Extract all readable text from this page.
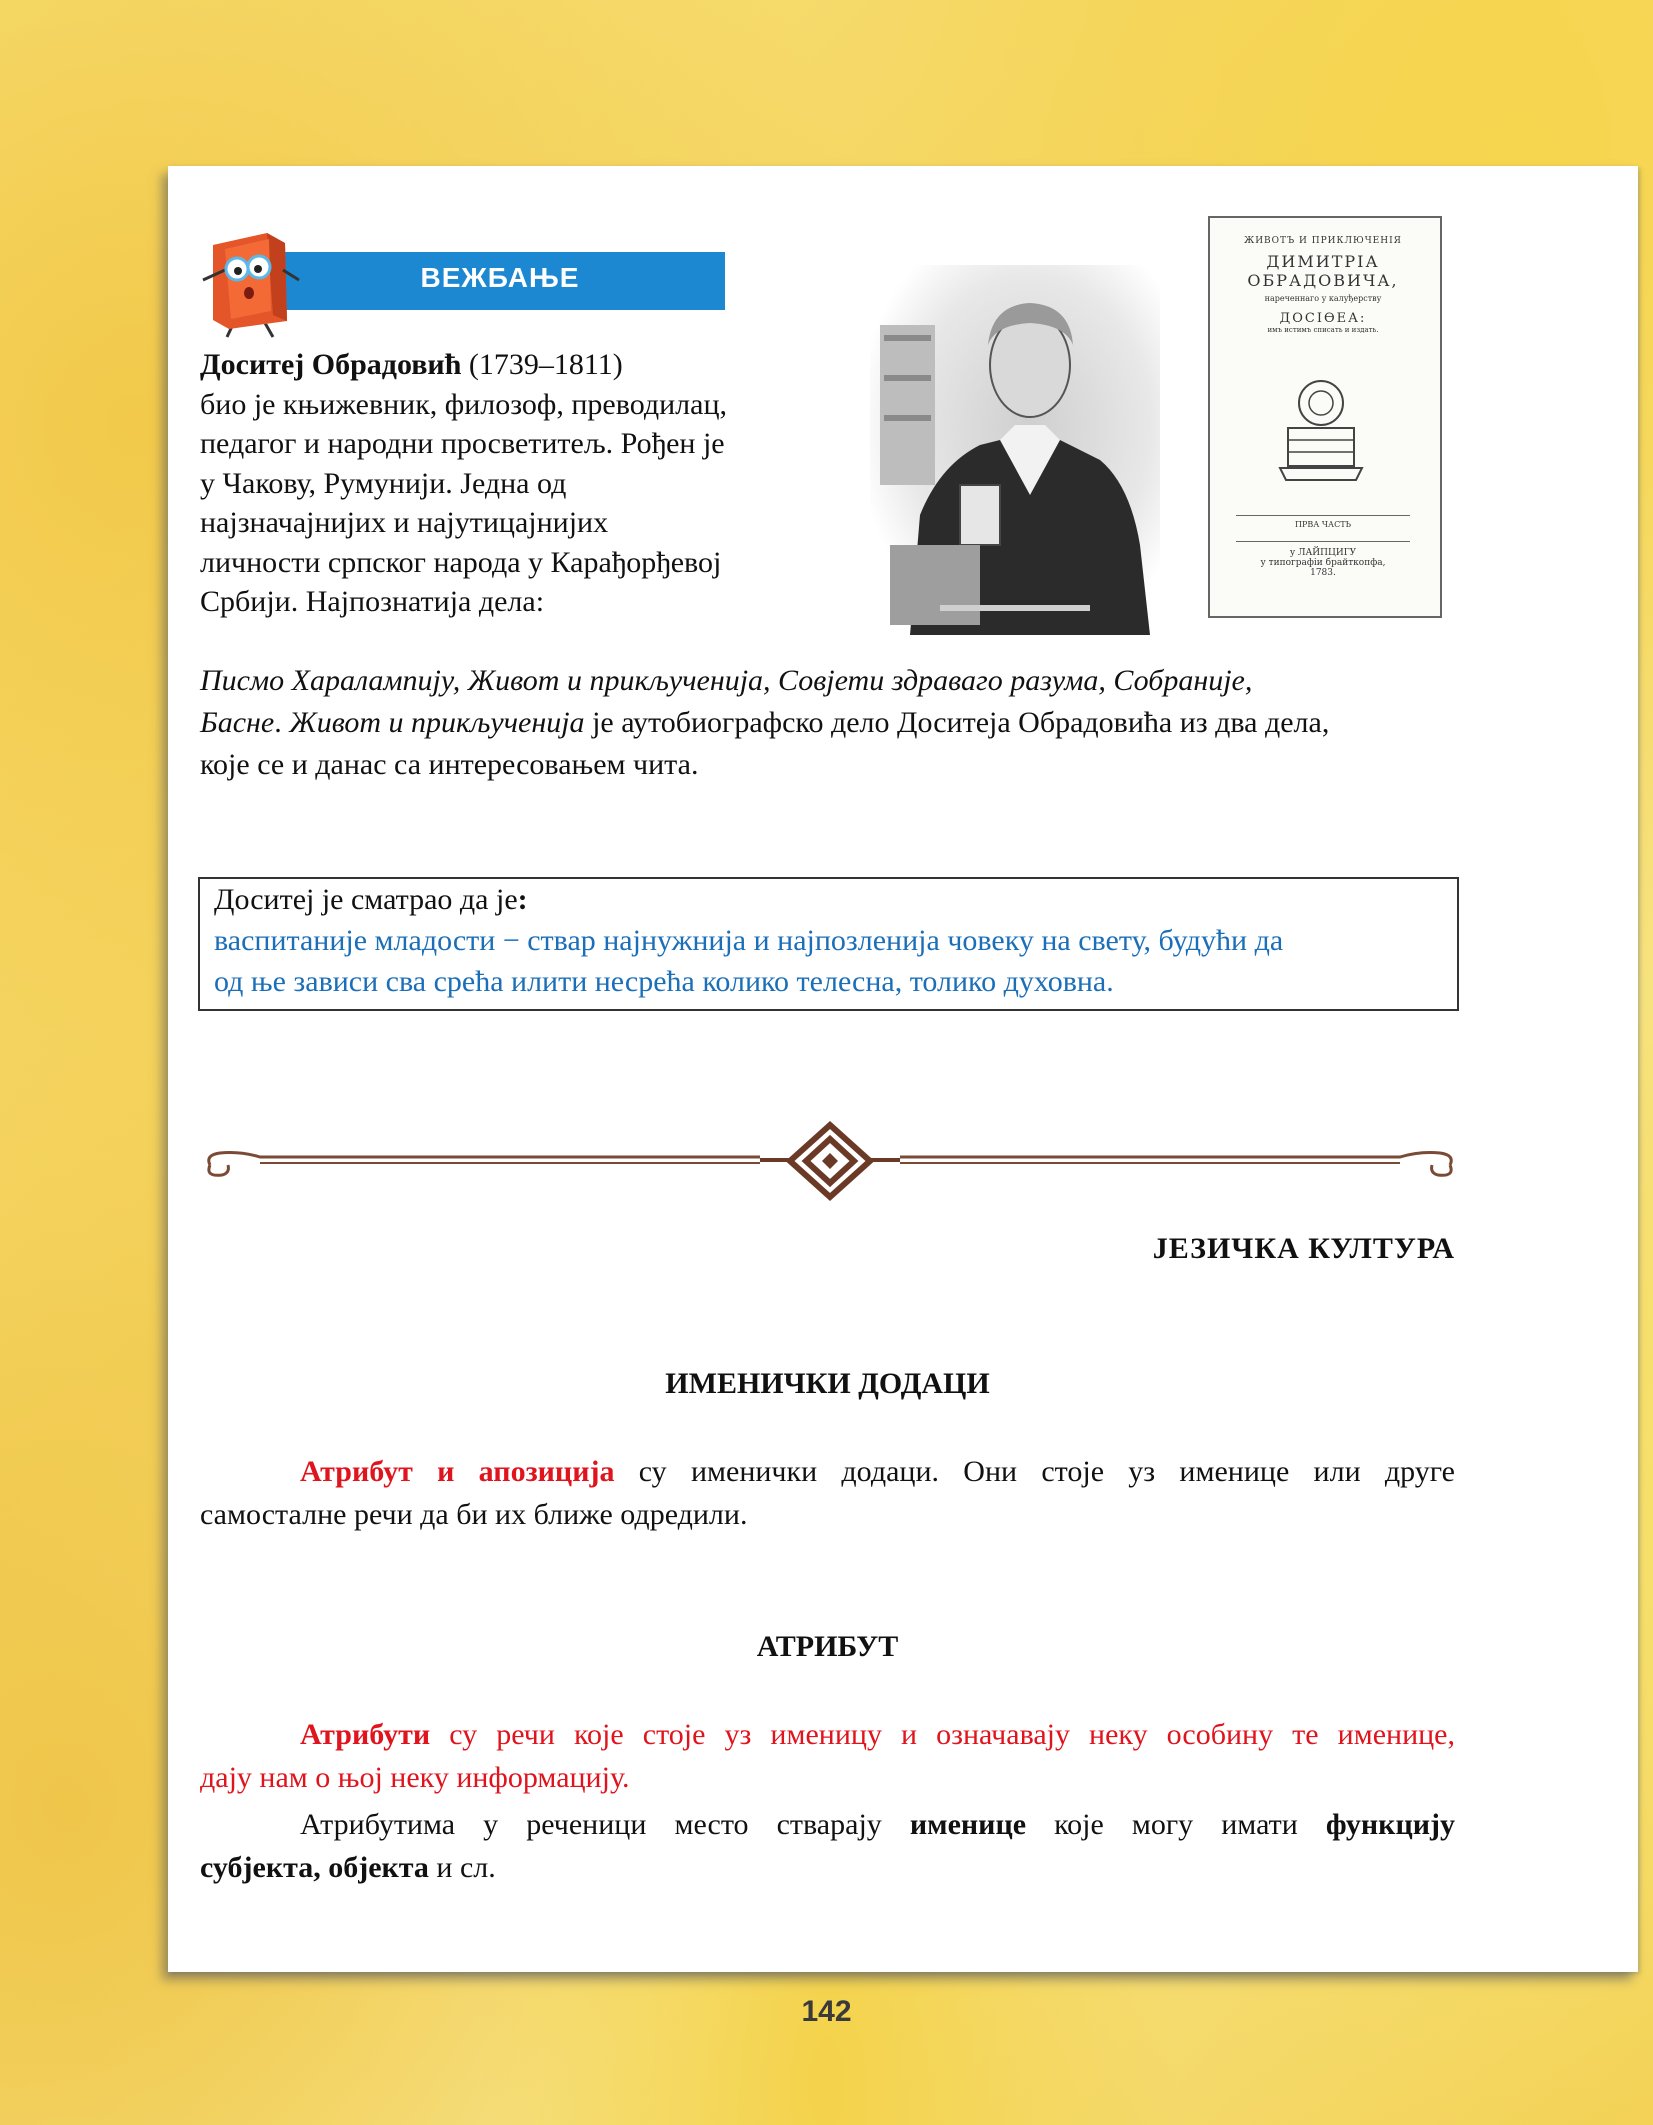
ВЕЖБАЊЕ
Доситеј Обрадовић (1739–1811)
био је књижевник, филозоф, преводилац,
педагог и народни просветитељ. Рођен је
у Чакову, Румунији. Једна од
најзначајнијих и најутицајнијих
личности српског народа у Карађорђевој
Србији. Најпознатија дела:
Писмо Харалампију, Живот и прикључениja, Совјети здраваго разума, Собраније,
Басне. Живот и прикљученија је аутобиографско дело Доситеја Обрадовића из два дела,
које се и данас са интересовањем чита.
ЖИВОТЪ И ПРИКЛЮЧЕНІЯ
ДИМИТРІА
ОБРАДОВИЧА,
нареченнаго у калуђерству
ДОСІѲЕА:
имъ истимъ списать и издать.
ПРВА ЧАСТЬ
у ЛАЙПЦИГУ
у типографіи брайткопфа,
1783.
Доситеј је сматрао да је:
васпитаније младости − ствар најнужнија и најпозленија човеку на свету, будући да
од ње зависи сва срећа илити несрећа колико телесна, толико духовна.
ЈЕЗИЧКА КУЛТУРА
ИМЕНИЧКИ ДОДАЦИ
Атрибут и апозиција су именички додаци. Они стоје уз именице или друге
самосталне речи да би их ближе одредили.
АТРИБУТ
Атрибути су речи које стоје уз именицу и означавају неку особину те именице,
дају нам о њој неку информацију.
Атрибутима у реченици место стварају именице које могу имати функцију
субјекта, објекта и сл.
142
